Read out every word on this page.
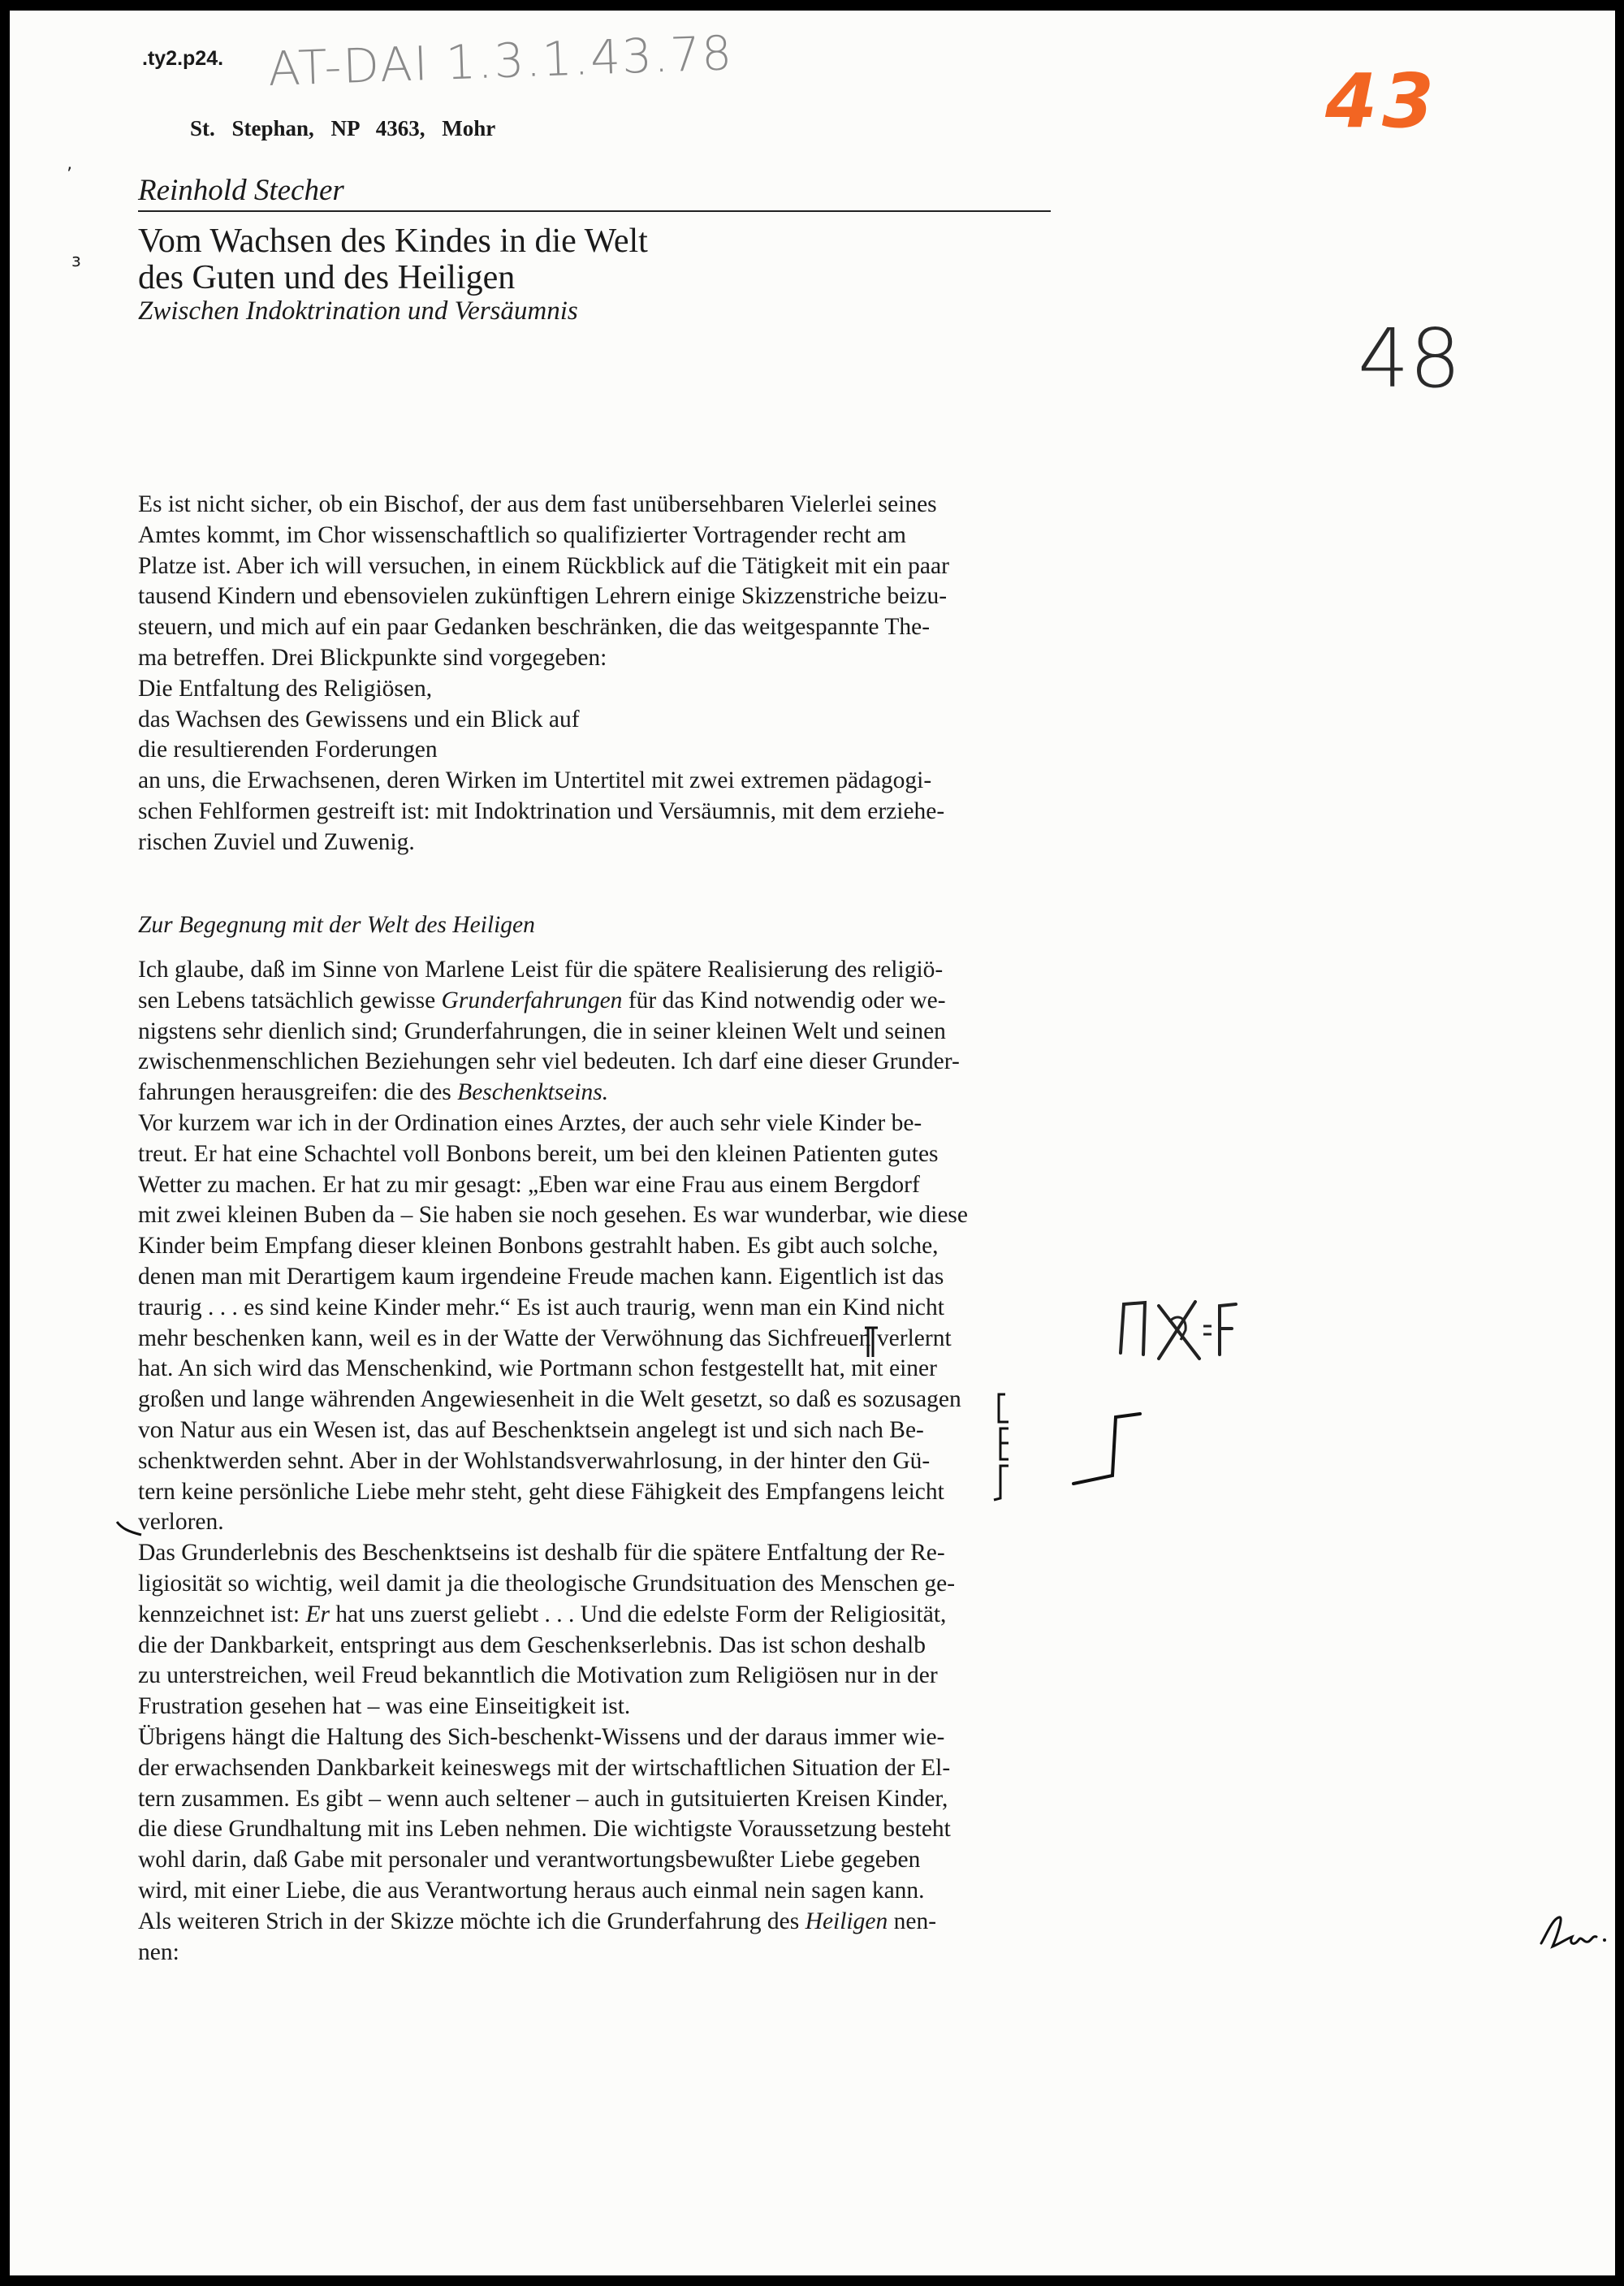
.ty2.p24. AT-DAI 1.3.1.43.78	43
48
St. Stephan, NP 4363, Mohr
’
ɜ
Reinhold Stecher
Vom Wachsen des Kindes in die Welt
des Guten und des Heiligen
Zwischen Indoktrination und Versäumnis

Es ist nicht sicher, ob ein Bischof, der aus dem fast unübersehbaren Vielerlei seines
Amtes kommt, im Chor wissenschaftlich so qualifizierter Vortragender recht am
Platze ist. Aber ich will versuchen, in einem Rückblick auf die Tätigkeit mit ein paar
tausend Kindern und ebensovielen zukünftigen Lehrern einige Skizzenstriche beizu-
steuern, und mich auf ein paar Gedanken beschränken, die das weitgespannte The-
ma betreffen. Drei Blickpunkte sind vorgegeben:
Die Entfaltung des Religiösen,
das Wachsen des Gewissens und ein Blick auf
die resultierenden Forderungen
an uns, die Erwachsenen, deren Wirken im Untertitel mit zwei extremen pädagogi-
schen Fehlformen gestreift ist: mit Indoktrination und Versäumnis, mit dem erziehe-
rischen Zuviel und Zuwenig.

Zur Begegnung mit der Welt des Heiligen

Ich glaube, daß im Sinne von Marlene Leist für die spätere Realisierung des religiö-
sen Lebens tatsächlich gewisse Grunderfahrungen für das Kind notwendig oder we-
nigstens sehr dienlich sind; Grunderfahrungen, die in seiner kleinen Welt und seinen
zwischenmenschlichen Beziehungen sehr viel bedeuten. Ich darf eine dieser Grunder-
fahrungen herausgreifen: die des Beschenktseins.

Vor kurzem war ich in der Ordination eines Arztes, der auch sehr viele Kinder be-
treut. Er hat eine Schachtel voll Bonbons bereit, um bei den kleinen Patienten gutes
Wetter zu machen. Er hat zu mir gesagt: „Eben war eine Frau aus einem Bergdorf
mit zwei kleinen Buben da – Sie haben sie noch gesehen. Es war wunderbar, wie diese
Kinder beim Empfang dieser kleinen Bonbons gestrahlt haben. Es gibt auch solche,
denen man mit Derartigem kaum irgendeine Freude machen kann. Eigentlich ist das
traurig . . . es sind keine Kinder mehr.“ Es ist auch traurig, wenn man ein Kind nicht
mehr beschenken kann, weil es in der Watte der Verwöhnung das Sichfreuen verlernt
hat. An sich wird das Menschenkind, wie Portmann schon festgestellt hat, mit einer
großen und lange währenden Angewiesenheit in die Welt gesetzt, so daß es sozusagen
von Natur aus ein Wesen ist, das auf Beschenktsein angelegt ist und sich nach Be-
schenktwerden sehnt. Aber in der Wohlstandsverwahrlosung, in der hinter den Gü-
tern keine persönliche Liebe mehr steht, geht diese Fähigkeit des Empfangens leicht
verloren.

Das Grunderlebnis des Beschenktseins ist deshalb für die spätere Entfaltung der Re-
ligiosität so wichtig, weil damit ja die theologische Grundsituation des Menschen ge-
kennzeichnet ist: Er hat uns zuerst geliebt . . . Und die edelste Form der Religiosität,
die der Dankbarkeit, entspringt aus dem Geschenkserlebnis. Das ist schon deshalb
zu unterstreichen, weil Freud bekanntlich die Motivation zum Religiösen nur in der
Frustration gesehen hat – was eine Einseitigkeit ist.

Übrigens hängt die Haltung des Sich-beschenkt-Wissens und der daraus immer wie-
der erwachsenden Dankbarkeit keineswegs mit der wirtschaftlichen Situation der El-
tern zusammen. Es gibt – wenn auch seltener – auch in gutsituierten Kreisen Kinder,
die diese Grundhaltung mit ins Leben nehmen. Die wichtigste Voraussetzung besteht
wohl darin, daß Gabe mit personaler und verantwortungsbewußter Liebe gegeben
wird, mit einer Liebe, die aus Verantwortung heraus auch einmal nein sagen kann.
Als weiteren Strich in der Skizze möchte ich die Grunderfahrung des Heiligen nen-
nen:
